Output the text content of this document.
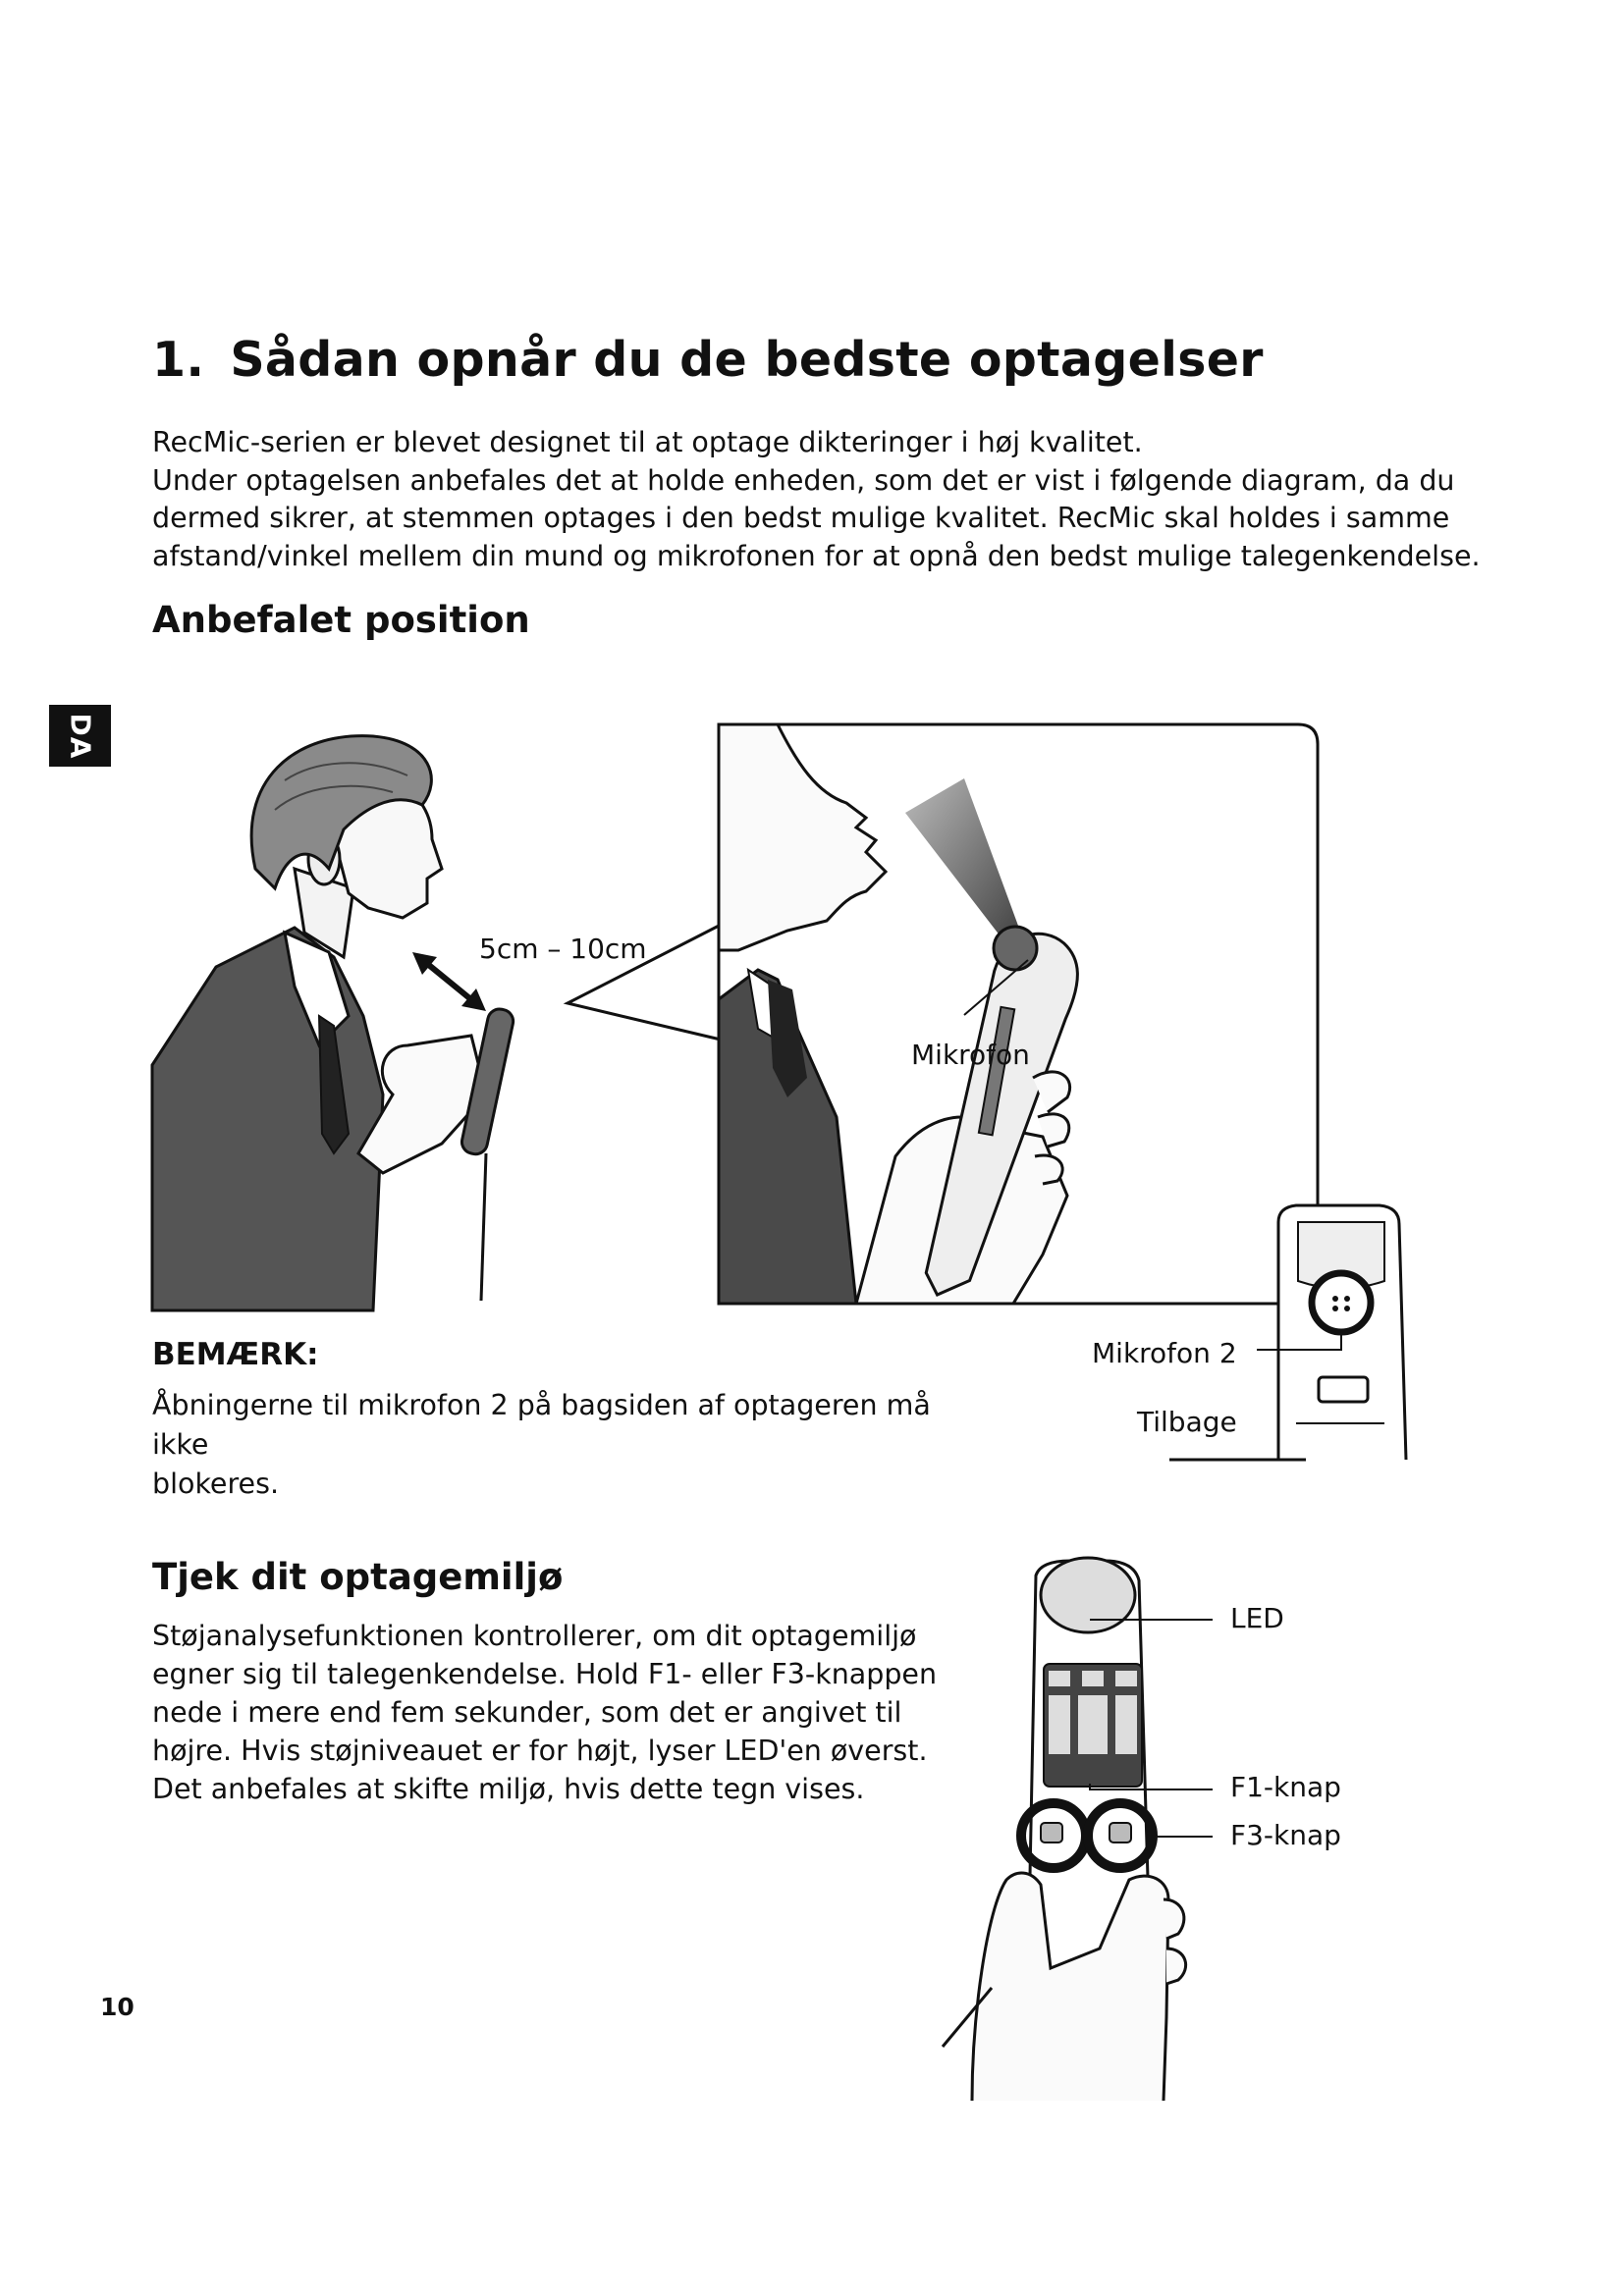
1. Sådan opnår du de bedste optagelser
RecMic-serien er blevet designet til at optage dikteringer i høj kvalitet.
Under optagelsen anbefales det at holde enheden, som det er vist i følgende diagram, da du
dermed sikrer, at stemmen optages i den bedst mulige kvalitet. RecMic skal holdes i samme
afstand/vinkel mellem din mund og mikrofonen for at opnå den bedst mulige talegenkendelse.
Anbefalet position
DA
5cm – 10cm
Mikrofon
Mikrofon 2
Tilbage
BEMÆRK:
Åbningerne til mikrofon 2 på bagsiden af optageren må ikke
blokeres.
Tjek dit optagemiljø
Støjanalysefunktionen kontrollerer, om dit optagemiljø
egner sig til talegenkendelse. Hold F1- eller F3-knappen
nede i mere end fem sekunder, som det er angivet til
højre. Hvis støjniveauet er for højt, lyser LED'en øverst.
Det anbefales at skifte miljø, hvis dette tegn vises.
LED
F1-knap
F3-knap
10
